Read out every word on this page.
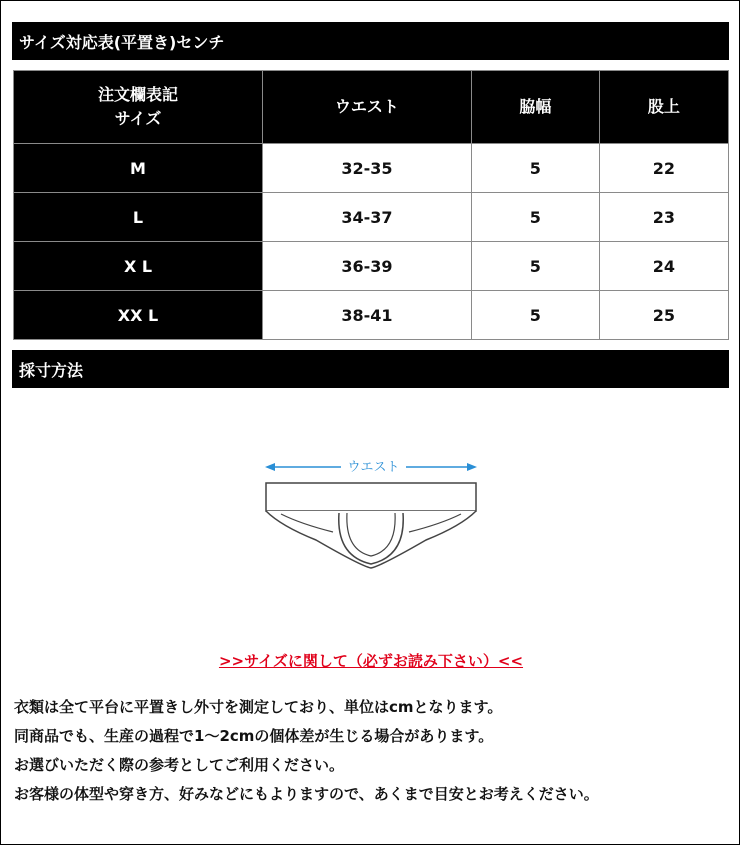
サイズ対応表(平置き)センチ
注文欄表記
サイズ	ウエスト	脇幅	股上
M	32-35	5	22
L	34-37	5	23
X L	36-39	5	24
XX L	38-41	5	25
採寸方法
ウエスト
>>サイズに関して（必ずお読み下さい）<<

衣類は全て平台に平置きし外寸を測定しており、単位はcmとなります。

同商品でも、生産の過程で1～2cmの個体差が生じる場合があります。

お選びいただく際の参考としてご利用ください。

お客様の体型や穿き方、好みなどにもよりますので、あくまで目安とお考えください。
